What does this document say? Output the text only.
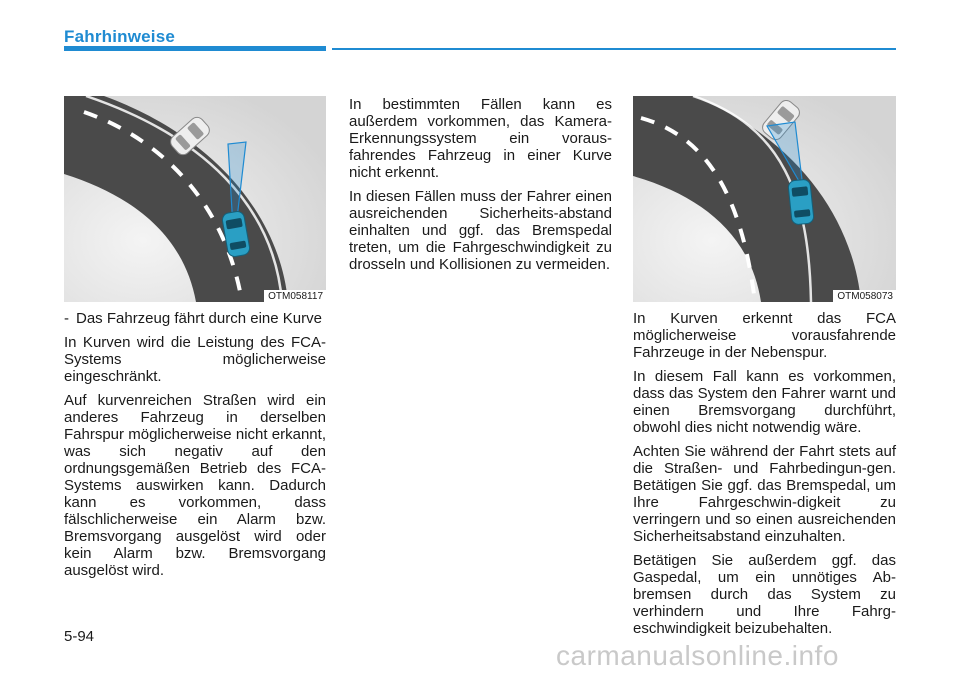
Fahrhinweise
OTM058117	OTM058073

- Das Fahrzeug fährt durch eine Kurve

In Kurven wird die Leistung des FCA-Systems möglicherweise eingeschränkt.

Auf kurvenreichen Straßen wird ein anderes Fahrzeug in derselben Fahrspur möglicherweise nicht erkannt, was sich negativ auf den ordnungsgemäßen Betrieb des FCA-Systems auswirken kann. Dadurch kann es vorkommen, dass fälschlicherweise ein Alarm bzw. Bremsvorgang ausgelöst wird oder kein Alarm bzw. Bremsvorgang ausgelöst wird.

In bestimmten Fällen kann es außerdem vorkommen, das Kamera-Erkennungssystem ein voraus-fahrendes Fahrzeug in einer Kurve nicht erkennt.

In diesen Fällen muss der Fahrer einen ausreichenden Sicherheits-abstand einhalten und ggf. das Bremspedal treten, um die Fahrgeschwindigkeit zu drosseln und Kollisionen zu vermeiden.

In Kurven erkennt das FCA möglicherweise vorausfahrende Fahrzeuge in der Nebenspur.

In diesem Fall kann es vorkommen, dass das System den Fahrer warnt und einen Bremsvorgang durchführt, obwohl dies nicht notwendig wäre.

Achten Sie während der Fahrt stets auf die Straßen- und Fahrbedingun-gen. Betätigen Sie ggf. das Bremspedal, um Ihre Fahrgeschwin-digkeit zu verringern und so einen ausreichenden Sicherheitsabstand einzuhalten.

Betätigen Sie außerdem ggf. das Gaspedal, um ein unnötiges Ab-bremsen durch das System zu verhindern und Ihre Fahrg-eschwindigkeit beizubehalten.

5-94
carmanualsonline.info
